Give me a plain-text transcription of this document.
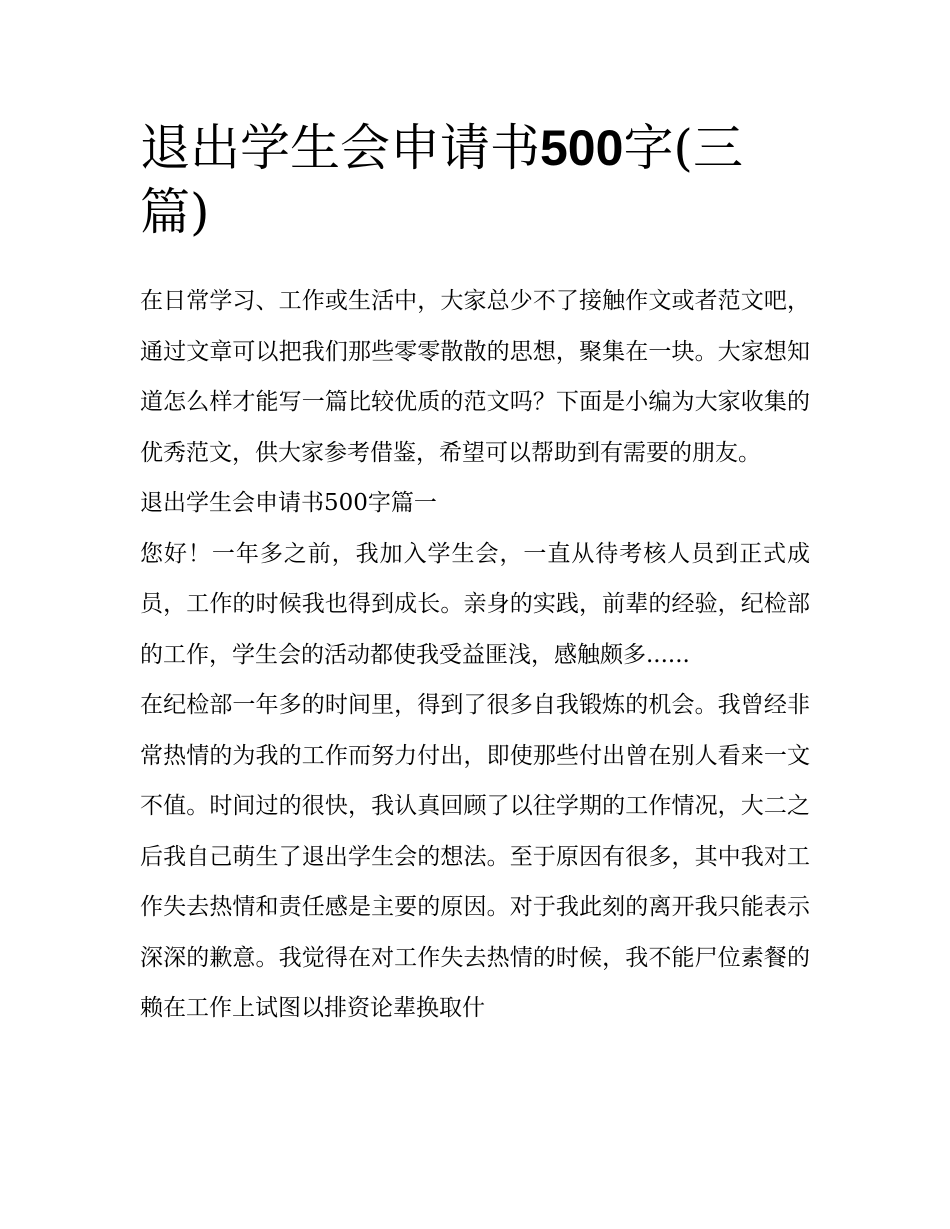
退出学生会申请书500字(三篇)

在日常学习、工作或生活中，大家总少不了接触作文或者范文吧，通过文章可以把我们那些零零散散的思想，聚集在一块。大家想知道怎么样才能写一篇比较优质的范文吗？下面是小编为大家收集的优秀范文，供大家参考借鉴，希望可以帮助到有需要的朋友。

退出学生会申请书500字篇一

您好！一年多之前，我加入学生会，一直从待考核人员到正式成员，工作的时候我也得到成长。亲身的实践，前辈的经验，纪检部的工作，学生会的活动都使我受益匪浅，感触颇多......

在纪检部一年多的时间里，得到了很多自我锻炼的机会。我曾经非常热情的为我的工作而努力付出，即使那些付出曾在别人看来一文不值。时间过的很快，我认真回顾了以往学期的工作情况，大二之后我自己萌生了退出学生会的想法。至于原因有很多，其中我对工作失去热情和责任感是主要的原因。对于我此刻的离开我只能表示深深的歉意。我觉得在对工作失去热情的时候，我不能尸位素餐的赖在工作上试图以排资论辈换取什
